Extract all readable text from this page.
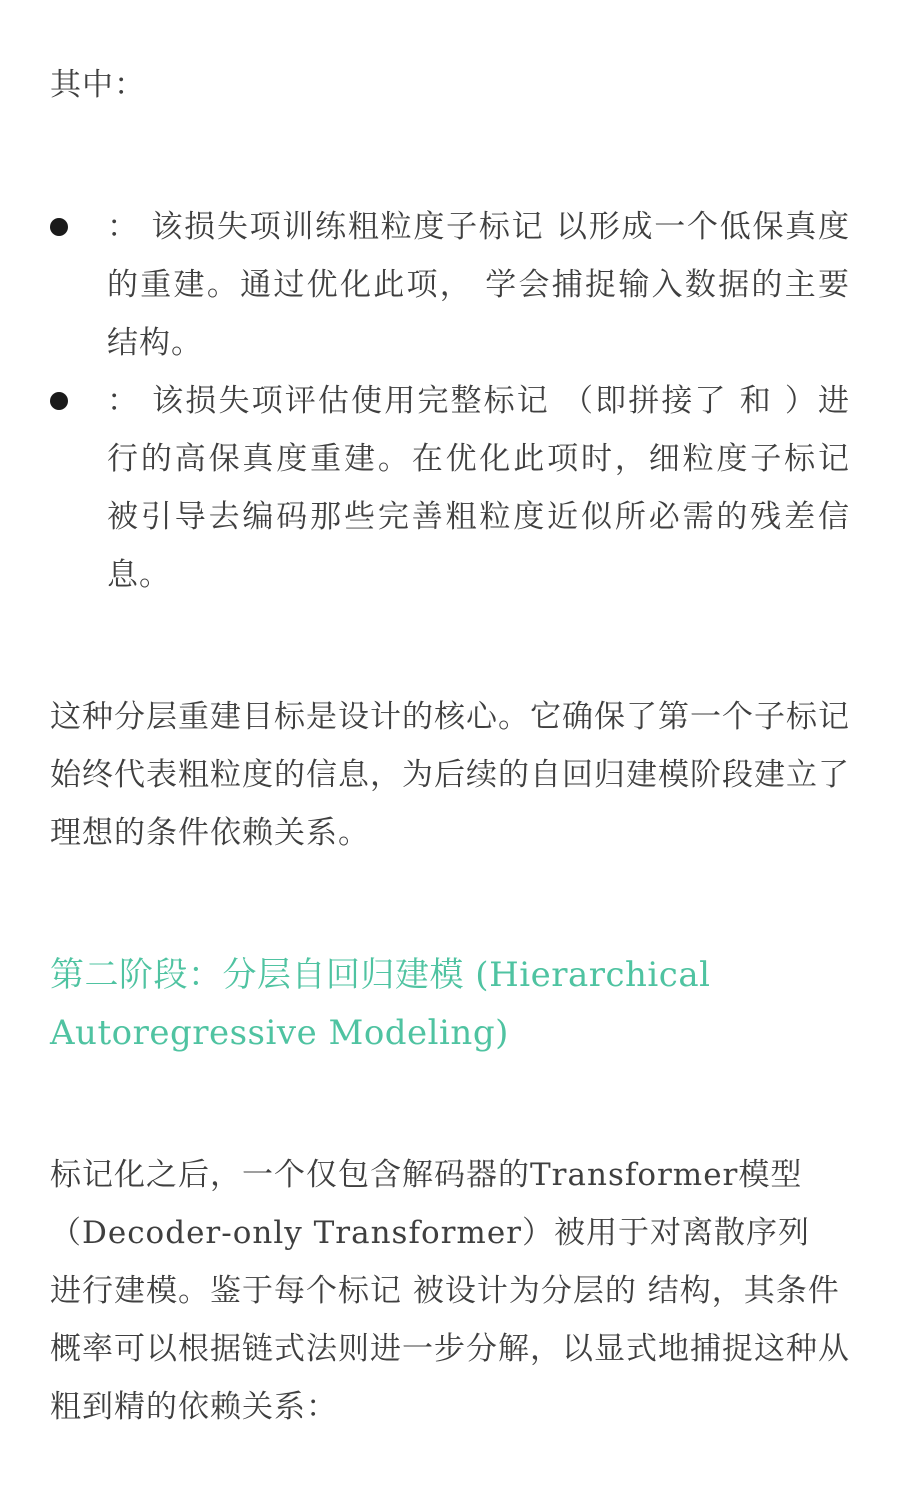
其中：

： 该损失项训练粗粒度子标记 以形成一个低保真度的重建。通过优化此项， 学会捕捉输入数据的主要结构。
： 该损失项评估使用完整标记 （即拼接了 和 ）进行的高保真度重建。在优化此项时，细粒度子标记 被引导去编码那些完善粗粒度近似所必需的残差信息。

这种分层重建目标是设计的核心。它确保了第一个子标记始终代表粗粒度的信息，为后续的自回归建模阶段建立了理想的条件依赖关系。

第二阶段：分层自回归建模 (Hierarchical Autoregressive Modeling)

标记化之后，一个仅包含解码器的Transformer模型（Decoder-only Transformer）被用于对离散序列 进行建模。鉴于每个标记 被设计为分层的 结构，其条件概率可以根据链式法则进一步分解，以显式地捕捉这种从粗到精的依赖关系：
